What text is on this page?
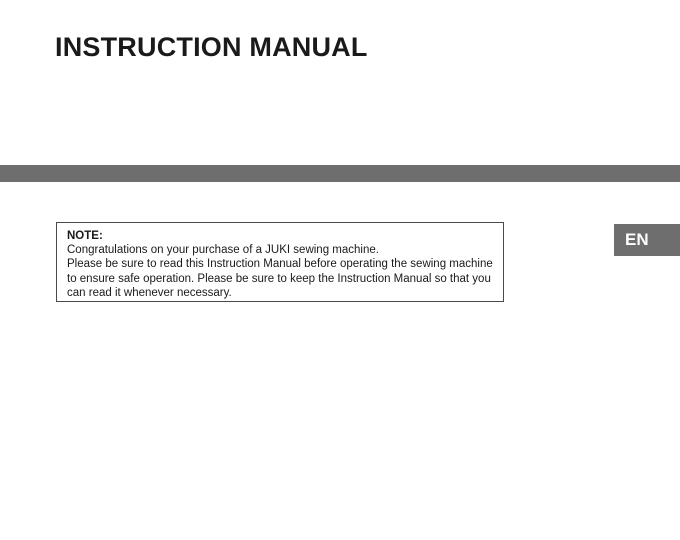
INSTRUCTION MANUAL
NOTE:
Congratulations on your purchase of a JUKI sewing machine.
Please be sure to read this Instruction Manual before operating the sewing machine
to ensure safe operation. Please be sure to keep the Instruction Manual so that you
can read it whenever necessary.
EN
